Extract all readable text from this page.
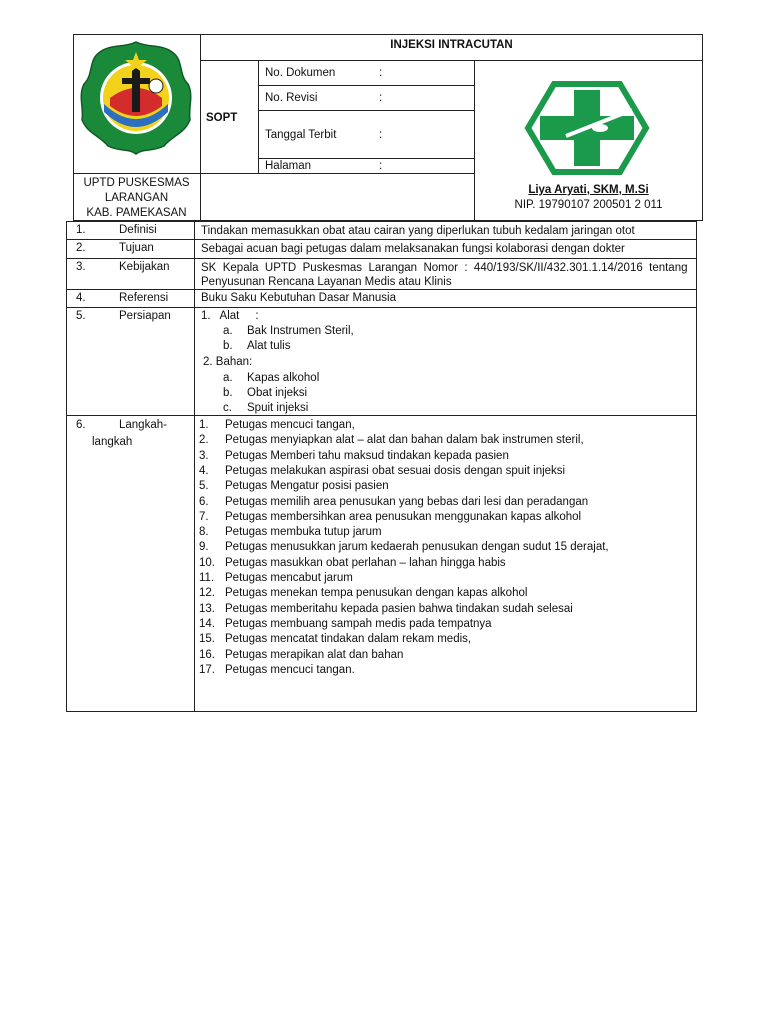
INJEKSI INTRACUTAN
SOPT
No. Dokumen	:
No. Revisi	:
Tanggal Terbit	:
Halaman	:
UPTD PUSKESMAS
LARANGAN
KAB. PAMEKASAN
Liya Aryati, SKM, M.Si
NIP. 19790107 200501 2 011
1.	Definisi	Tindakan memasukkan obat atau cairan yang diperlukan tubuh kedalam jaringan otot
2.	Tujuan	Sebagai acuan bagi petugas dalam melaksanakan fungsi kolaborasi dengan dokter
3.	Kebijakan	SK  Kepala  UPTD  Puskesmas  Larangan  Nomor  :  440/193/SK/II/432.301.1.14/2016  tentang
Penyusunan Rencana Layanan Medis atau Klinis
4.	Referensi	Buku Saku Kebutuhan Dasar Manusia
5.	Persiapan	1.   Alat     :
a. Bak Instrumen Steril,
b. Alat tulis
2. Bahan:
a. Kapas alkohol
b. Obat injeksi
c. Spuit injeksi
6.	Langkah-
langkah
1. Petugas mencuci tangan,
2. Petugas menyiapkan alat – alat dan bahan dalam bak instrumen steril,
3. Petugas Memberi tahu maksud tindakan kepada pasien
4. Petugas melakukan aspirasi obat sesuai dosis dengan spuit injeksi
5. Petugas Mengatur posisi pasien
6. Petugas memilih area penusukan yang bebas dari lesi dan peradangan
7. Petugas membersihkan area penusukan menggunakan kapas alkohol
8. Petugas membuka tutup jarum
9. Petugas menusukkan jarum kedaerah penusukan dengan sudut 15 derajat,
10. Petugas masukkan obat perlahan – lahan hingga habis
11. Petugas mencabut jarum
12. Petugas menekan tempa penusukan dengan kapas alkohol
13. Petugas memberitahu kepada pasien bahwa tindakan sudah selesai
14. Petugas membuang sampah medis pada tempatnya
15. Petugas mencatat tindakan dalam rekam medis,
16. Petugas merapikan alat dan bahan
17. Petugas mencuci tangan.
